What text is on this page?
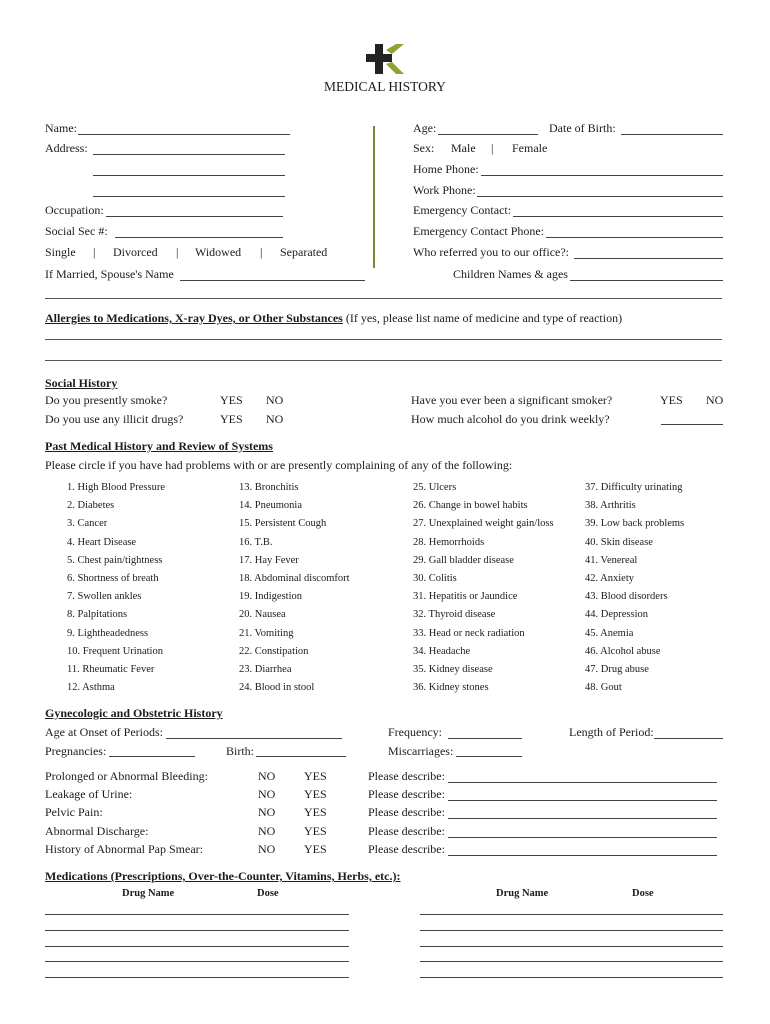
MEDICAL HISTORY
Name:
Address:
Occupation:
Social Sec #:
Single | Divorced | Widowed | Separated
If Married, Spouse's Name
Age:	Date of Birth:
Sex: Male | Female
Home Phone:
Work Phone:
Emergency Contact:
Emergency Contact Phone:
Who referred you to our office?:
Children Names & ages
Allergies to Medications, X-ray Dyes, or Other Substances (If yes, please list name of medicine and type of reaction)
Social History
Do you presently smoke?	YES NO
Do you use any illicit drugs?	YES NO
Have you ever been a significant smoker?	YES NO
How much alcohol do you drink weekly?
Past Medical History and Review of Systems
Please circle if you have had problems with or are presently complaining of any of the following:
1. High Blood Pressure
2. Diabetes
3. Cancer
4. Heart Disease
5. Chest pain/tightness
6. Shortness of breath
7. Swollen ankles
8. Palpitations
9. Lightheadedness
10. Frequent Urination
11. Rheumatic Fever
12. Asthma
13. Bronchitis
14. Pneumonia
15. Persistent Cough
16. T.B.
17. Hay Fever
18. Abdominal discomfort
19. Indigestion
20. Nausea
21. Vomiting
22. Constipation
23. Diarrhea
24. Blood in stool
25. Ulcers
26. Change in bowel habits
27. Unexplained weight gain/loss
28. Hemorrhoids
29. Gall bladder disease
30. Colitis
31. Hepatitis or Jaundice
32. Thyroid disease
33. Head or neck radiation
34. Headache
35. Kidney disease
36. Kidney stones
37. Difficulty urinating
38. Arthritis
39. Low back problems
40. Skin disease
41. Venereal
42. Anxiety
43. Blood disorders
44. Depression
45. Anemia
46. Alcohol abuse
47. Drug abuse
48. Gout
Gynecologic and Obstetric History
Age at Onset of Periods:	Frequency:	Length of Period:
Pregnancies:	Birth:	Miscarriages:
Prolonged or Abnormal Bleeding:	NO YES	Please describe:
Leakage of Urine:	NO YES	Please describe:
Pelvic Pain:	NO YES	Please describe:
Abnormal Discharge:	NO YES	Please describe:
History of Abnormal Pap Smear:	NO YES	Please describe:
Medications (Prescriptions, Over-the-Counter, Vitamins, Herbs, etc.):
Drug Name	Dose	Drug Name	Dose
